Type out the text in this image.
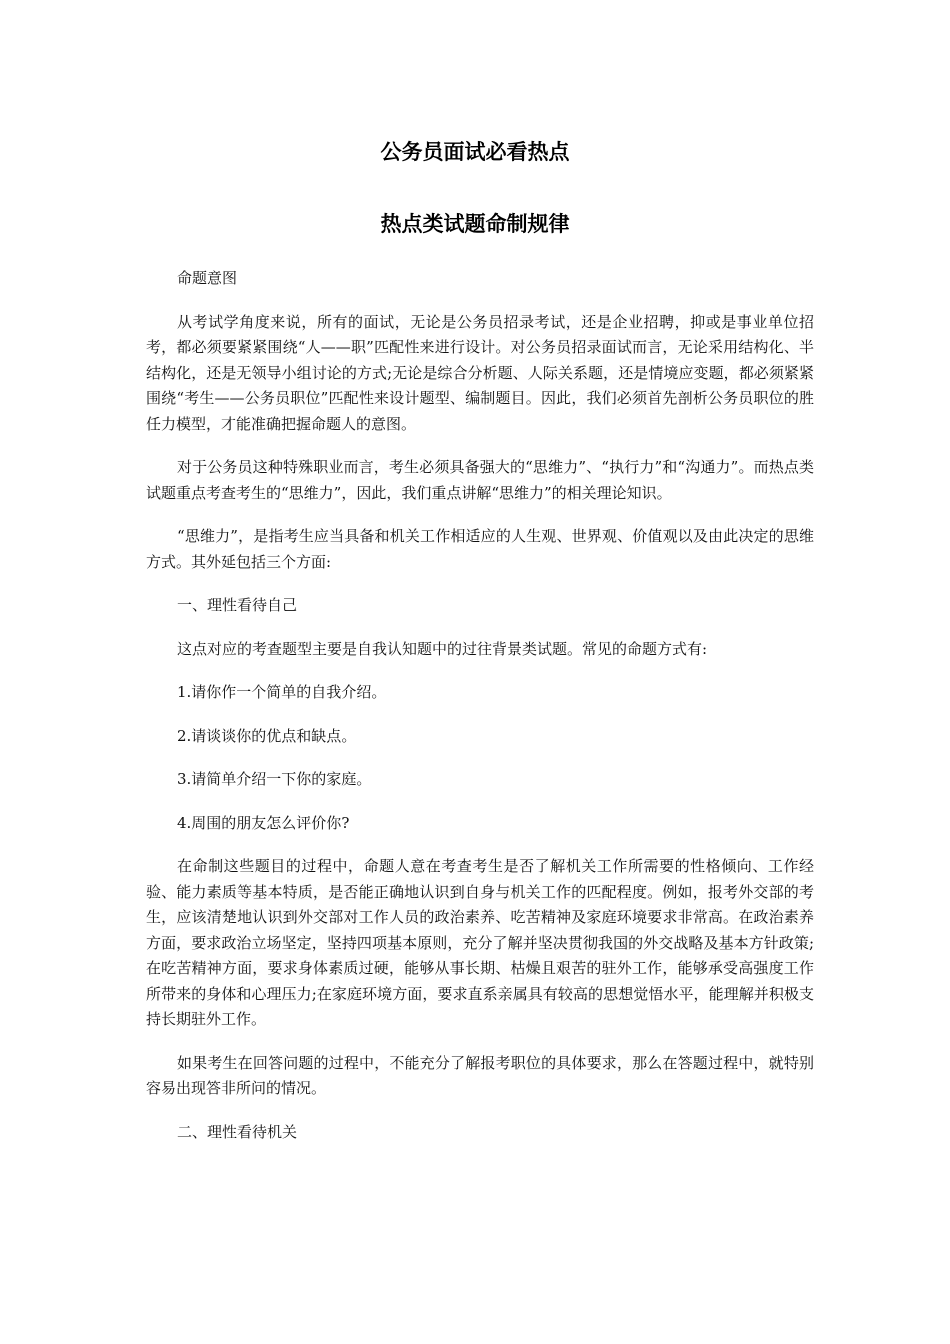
公务员面试必看热点
热点类试题命制规律

命题意图

从考试学角度来说，所有的面试，无论是公务员招录考试，还是企业招聘，抑或是事业单位招考，都必须要紧紧围绕“人——职”匹配性来进行设计。对公务员招录面试而言，无论采用结构化、半结构化，还是无领导小组讨论的方式;无论是综合分析题、人际关系题，还是情境应变题，都必须紧紧围绕“考生——公务员职位”匹配性来设计题型、编制题目。因此，我们必须首先剖析公务员职位的胜任力模型，才能准确把握命题人的意图。

对于公务员这种特殊职业而言，考生必须具备强大的“思维力”、“执行力”和“沟通力”。而热点类试题重点考查考生的“思维力”，因此，我们重点讲解“思维力”的相关理论知识。

“思维力”，是指考生应当具备和机关工作相适应的人生观、世界观、价值观以及由此决定的思维方式。其外延包括三个方面:

一、理性看待自己

这点对应的考查题型主要是自我认知题中的过往背景类试题。常见的命题方式有:

1.请你作一个简单的自我介绍。

2.请谈谈你的优点和缺点。

3.请简单介绍一下你的家庭。

4.周围的朋友怎么评价你?

在命制这些题目的过程中，命题人意在考查考生是否了解机关工作所需要的性格倾向、工作经验、能力素质等基本特质，是否能正确地认识到自身与机关工作的匹配程度。例如，报考外交部的考生，应该清楚地认识到外交部对工作人员的政治素养、吃苦精神及家庭环境要求非常高。在政治素养方面，要求政治立场坚定，坚持四项基本原则，充分了解并坚决贯彻我国的外交战略及基本方针政策;在吃苦精神方面，要求身体素质过硬，能够从事长期、枯燥且艰苦的驻外工作，能够承受高强度工作所带来的身体和心理压力;在家庭环境方面，要求直系亲属具有较高的思想觉悟水平，能理解并积极支持长期驻外工作。

如果考生在回答问题的过程中，不能充分了解报考职位的具体要求，那么在答题过程中，就特别容易出现答非所问的情况。

二、理性看待机关
